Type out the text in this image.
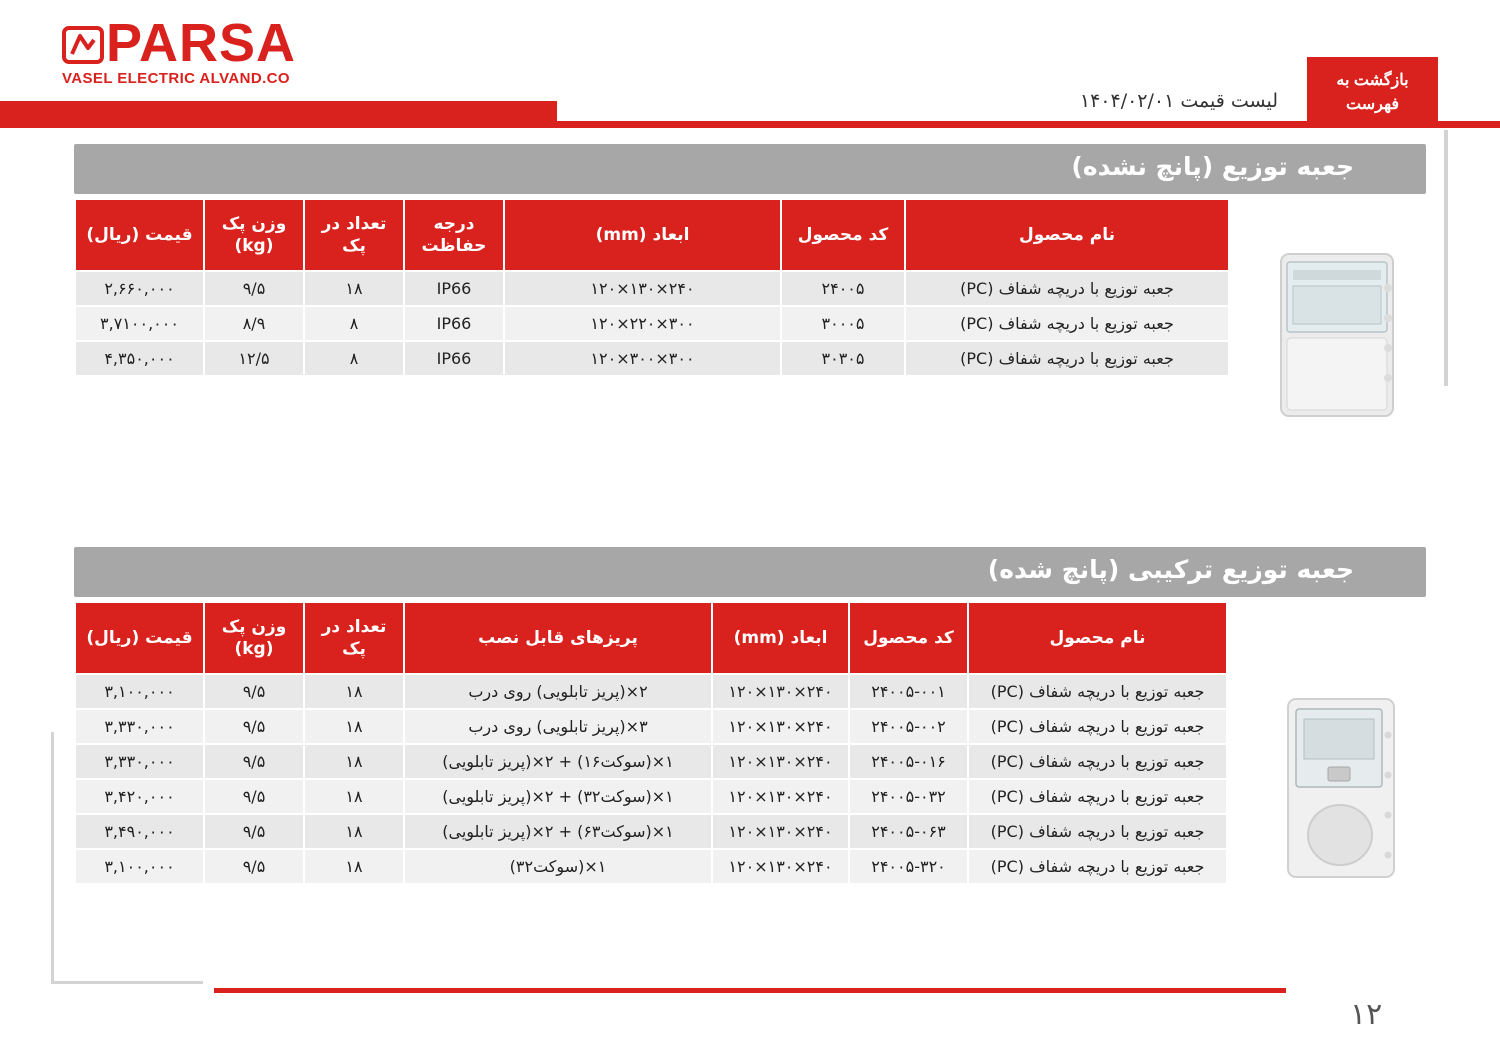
PARSA
VASEL ELECTRIC ALVAND.CO
لیست قیمت ۱۴۰۴/۰۲/۰۱
بازگشت به
فهرست
جعبه توزیع (پانچ نشده)
نام محصول	کد محصول	ابعاد (mm)	درجه حفاظت	تعداد در پک	وزن پک (kg)	قیمت (ریال)
جعبه توزیع با دریچه شفاف (PC)	۲۴۰۰۵	۲۴۰×۱۳۰×۱۲۰	IP66	۱۸	۹/۵	۲,۶۶۰,۰۰۰
جعبه توزیع با دریچه شفاف (PC)	۳۰۰۰۵	۳۰۰×۲۲۰×۱۲۰	IP66	۸	۸/۹	۳,۷۱۰۰,۰۰۰
جعبه توزیع با دریچه شفاف (PC)	۳۰۳۰۵	۳۰۰×۳۰۰×۱۲۰	IP66	۸	۱۲/۵	۴,۳۵۰,۰۰۰
جعبه توزیع ترکیبی (پانچ شده)
نام محصول	کد محصول	ابعاد (mm)	پریزهای قابل نصب	تعداد در پک	وزن پک (kg)	قیمت (ریال)
جعبه توزیع با دریچه شفاف (PC)	۲۴۰۰۵-۰۰۱	۲۴۰×۱۳۰×۱۲۰	۲×(پریز تابلویی) روی درب	۱۸	۹/۵	۳,۱۰۰,۰۰۰
جعبه توزیع با دریچه شفاف (PC)	۲۴۰۰۵-۰۰۲	۲۴۰×۱۳۰×۱۲۰	۳×(پریز تابلویی) روی درب	۱۸	۹/۵	۳,۳۳۰,۰۰۰
جعبه توزیع با دریچه شفاف (PC)	۲۴۰۰۵-۰۱۶	۲۴۰×۱۳۰×۱۲۰	۱×(سوکت۱۶) + ۲×(پریز تابلویی)	۱۸	۹/۵	۳,۳۳۰,۰۰۰
جعبه توزیع با دریچه شفاف (PC)	۲۴۰۰۵-۰۳۲	۲۴۰×۱۳۰×۱۲۰	۱×(سوکت۳۲) + ۲×(پریز تابلویی)	۱۸	۹/۵	۳,۴۲۰,۰۰۰
جعبه توزیع با دریچه شفاف (PC)	۲۴۰۰۵-۰۶۳	۲۴۰×۱۳۰×۱۲۰	۱×(سوکت۶۳) + ۲×(پریز تابلویی)	۱۸	۹/۵	۳,۴۹۰,۰۰۰
جعبه توزیع با دریچه شفاف (PC)	۲۴۰۰۵-۳۲۰	۲۴۰×۱۳۰×۱۲۰	۱×(سوکت۳۲)	۱۸	۹/۵	۳,۱۰۰,۰۰۰
۱۲
